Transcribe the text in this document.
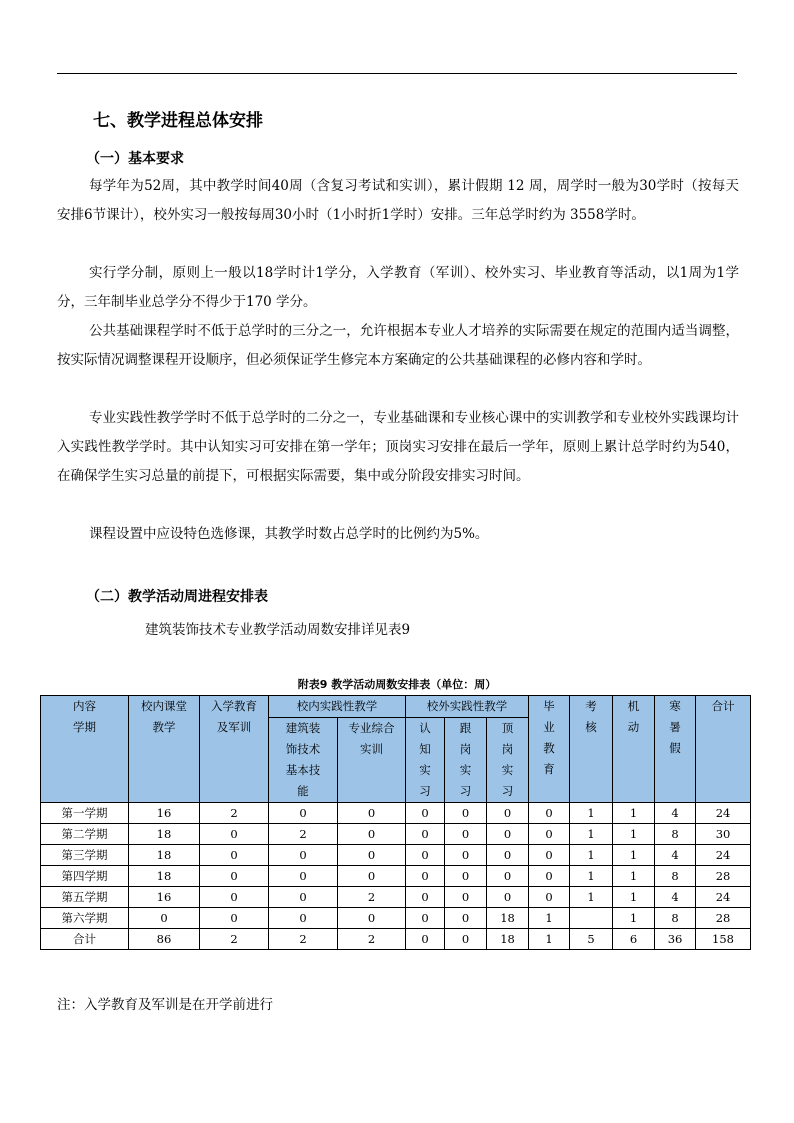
七、教学进程总体安排
（一）基本要求

每学年为52周，其中教学时间40周（含复习考试和实训），累计假期 12 周，周学时一般为30学时（按每天安排6节课计），校外实习一般按每周30小时（1小时折1学时）安排。三年总学时约为 3558学时。

实行学分制，原则上一般以18学时计1学分，入学教育（军训）、校外实习、毕业教育等活动，以1周为1学分，三年制毕业总学分不得少于170 学分。

公共基础课程学时不低于总学时的三分之一，允许根据本专业人才培养的实际需要在规定的范围内适当调整，按实际情况调整课程开设顺序，但必须保证学生修完本方案确定的公共基础课程的必修内容和学时。

专业实践性教学学时不低于总学时的二分之一，专业基础课和专业核心课中的实训教学和专业校外实践课均计入实践性教学学时。其中认知实习可安排在第一学年；顶岗实习安排在最后一学年，原则上累计总学时约为540，在确保学生实习总量的前提下，可根据实际需要，集中或分阶段安排实习时间。

课程设置中应设特色选修课，其教学时数占总学时的比例约为5%。

（二）教学活动周进程安排表

建筑装饰技术专业教学活动周数安排详见表9

附表9 教学活动周数安排表（单位：周）

内容
学期	校内课堂教学	入学教育及军训	校内实践性教学		校外实践性教学			毕业教育	考核	机动	寒暑假	合计
			建筑装饰技术基本技能	专业综合实训	认知实习	跟岗实习	顶岗实习					
第一学期	16	2	0	0	0	0	0	0	1	1	4	24
第二学期	18	0	2	0	0	0	0	0	1	1	8	30
第三学期	18	0	0	0	0	0	0	0	1	1	4	24
第四学期	18	0	0	0	0	0	0	0	1	1	8	28
第五学期	16	0	0	2	0	0	0	0	1	1	4	24
第六学期	0	0	0	0	0	0	18	1		1	8	28
合计	86	2	2	2	0	0	18	1	5	6	36	158

注：入学教育及军训是在开学前进行
